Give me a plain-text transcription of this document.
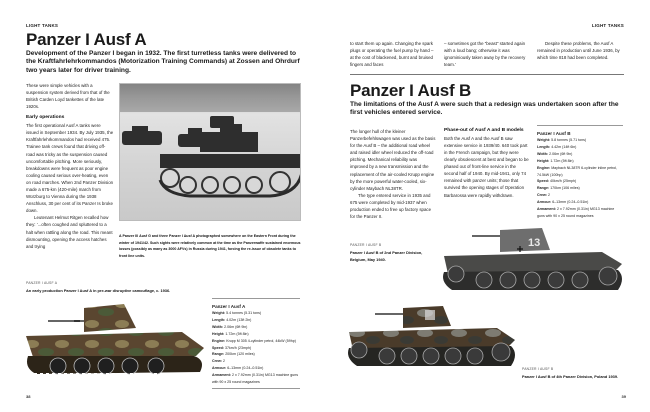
LIGHT TANKS
Panzer I Ausf A
Development of the Panzer I began in 1932. The first turretless tanks were delivered to the Kraftfahrlehrkommandos (Motorization Training Commands) at Zossen and Ohrdurf two years later for driver training.

These were simple vehicles with a suspension system derived from that of the British Carden Loyd tankettes of the late 1920s.

Early operations

The first operational Ausf A tanks were issued in September 1934. By July 1935, the Kraftfahrlehrkommandos had received 475. Trainee tank crews found that driving off-road was tricky as the suspension caused uncomfortable pitching. More seriously, breakdowns were frequent as poor engine cooling caused serious over-heating, even on road marches. When 2nd Panzer Division made a 675-km (420-mile) march from Würzburg to Vienna during the 1938 Anschluss, 30 per cent of its Panzer Is broke down.

Leutenant Helmut Ritgen recalled how they: '...often coughed and spluttered to a halt when rattling along the road. This meant dismounting, opening the access hatches and trying

A Panzer III Ausf G and three Panzer I Ausf A photographed somewhere on the Eastern Front during the winter of 1941/42. Such sights were relatively common at the time as the Panzerwaffe sustained enormous losses (possibly as many as 3000 AFVs) in Russia during 1941, forcing the re-issue of obsolete tanks to front line units.
PANZER I AUSF A
An early production Panzer I Ausf A in pre-war disruptive camouflage, c. 1936.
Panzer I Ausf A
Weight: 5.4 tonnes (5.31 tons)
Length: 4.02m (13ft 2in)
Width: 2.06m (6ft 9in)
Height: 1.72m (5ft 8in)
Engine: Krupp M 305 4-cylinder petrol, 44kW (59hp)
Speed: 37km/h (23mph)
Range: 200km (120 miles)
Crew: 2
Armour: 6–13mm (0.24–0.51in)
Armament: 2 x 7.92mm (0.31in) MG13 machine guns with 90 x 25 round magazines
38
LIGHT TANKS
to start them up again. Changing the spark plugs or operating the fuel pump by hand – at the cost of blackened, burnt and bruised fingers and faces
– sometimes got the “beast” started again with a loud bang; otherwise it was ignominiously taken away by the recovery team.'
Despite these problems, the Ausf A remained in production until June 1936, by which time 818 had been completed.
Panzer I Ausf B
The limitations of the Ausf A were such that a redesign was undertaken soon after the first vehicles entered service.

The longer hull of the kleiner Panzerbefehlswagen was used as the basis for the Ausf B – the additional road wheel and raised idler wheel reduced the off-road pitching. Mechanical reliability was improved by a new transmission and the replacement of the air-cooled Krupp engine by the more powerful water-cooled, six-cylinder Maybach NL38TR.

The type entered service in 1935 and 675 were completed by mid-1937 when production ended to free up factory space for the Panzer II.

Phase-out of Ausf A and B models

Both the Ausf A and the Ausf B saw extensive service in 1939/40. 640 took part in the French campaign, but they were clearly obsolescent at best and began to be phased out of front-line service in the second half of 1940. By mid-1941, only 74 remained with panzer units; those that survived the opening stages of Operation Barbarossa were rapidly withdrawn.

Panzer I Ausf B
Weight: 5.8 tonnes (5.71 tons)
Length: 4.42m (14ft 6in)
Width: 2.06m (6ft 9in)
Height: 1.72m (5ft 8in)
Engine: Maybach NL38TR 6-cylinder inline petrol, 74.5kW (100hp)
Speed: 40km/h (25mph)
Range: 170km (106 miles)
Crew: 2
Armour: 6–13mm (0.24–0.51in)
Armament: 2 x 7.92mm (0.31in) MG13 machine guns with 90 x 25 round magazines
PANZER I AUSF B
Panzer I Ausf B of 2nd Panzer Division, Belgium, May 1940.
13
PANZER I AUSF B
Panzer I Ausf B of 4th Panzer Division, Poland 1939.
39
